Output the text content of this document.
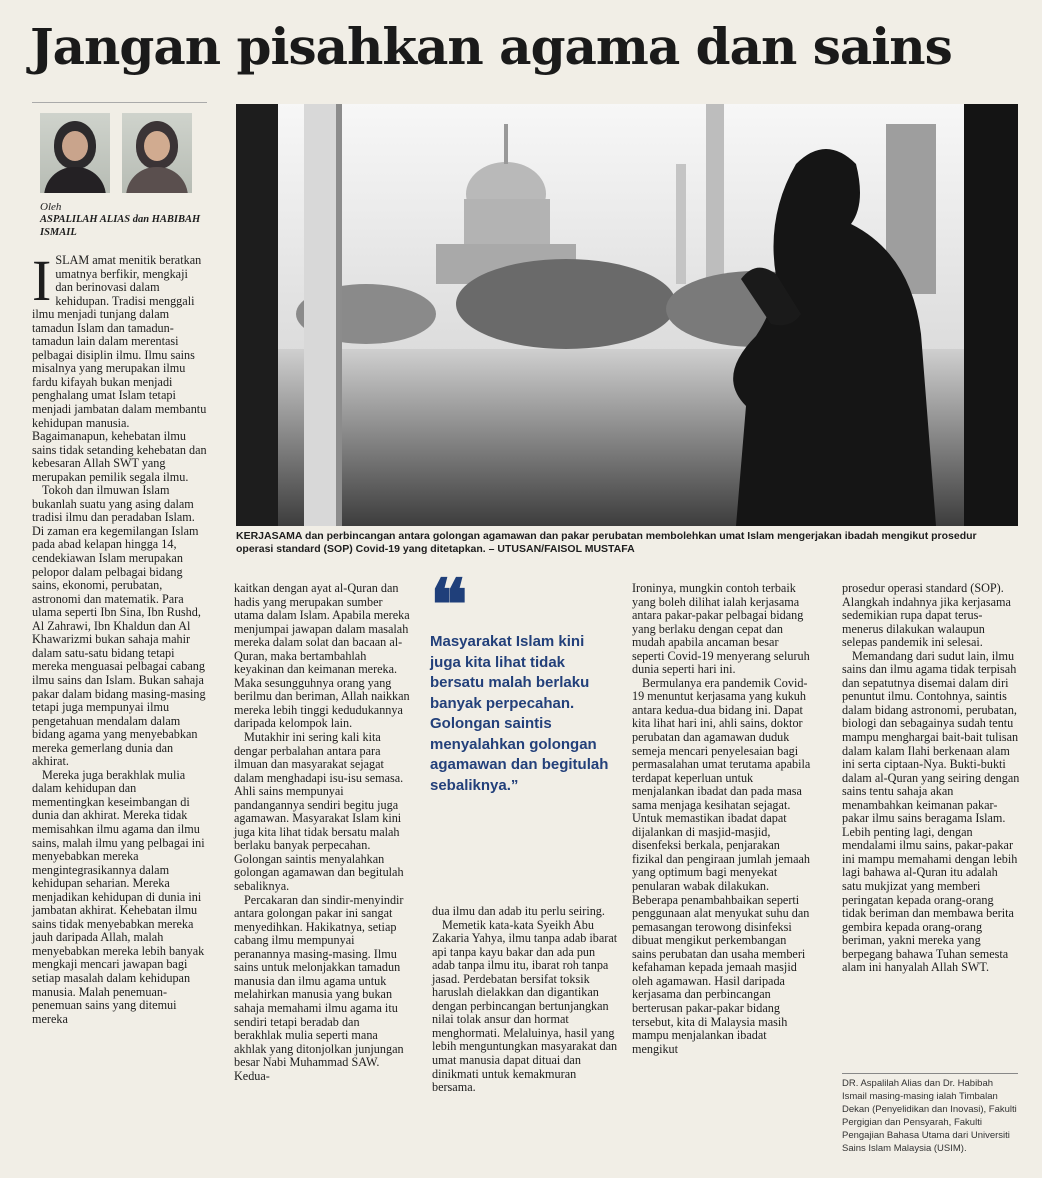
Jangan pisahkan agama dan sains
Oleh
ASPALILAH ALIAS dan HABIBAH ISMAIL
KERJASAMA dan perbincangan antara golongan agamawan dan pakar perubatan membolehkan umat Islam mengerjakan ibadah mengikut prosedur operasi standard (SOP) Covid-19 yang ditetapkan. – UTUSAN/FAISOL MUSTAFA

ISLAM amat menitik beratkan umatnya berfikir, mengkaji dan berinovasi dalam kehidupan. Tradisi menggali ilmu menjadi tunjang dalam tamadun Islam dan tamadun-tamadun lain dalam merentasi pelbagai disiplin ilmu. Ilmu sains misalnya yang merupakan ilmu fardu kifayah bukan menjadi penghalang umat Islam tetapi menjadi jambatan dalam membantu kehidupan manusia. Bagaimanapun, kehebatan ilmu sains tidak setanding kehebatan dan kebesaran Allah SWT yang merupakan pemilik segala ilmu.

Tokoh dan ilmuwan Islam bukanlah suatu yang asing dalam tradisi ilmu dan peradaban Islam. Di zaman era kegemilangan Islam pada abad kelapan hingga 14, cendekiawan Islam merupakan pelopor dalam pelbagai bidang sains, ekonomi, perubatan, astronomi dan matematik. Para ulama seperti Ibn Sina, Ibn Rushd, Al Zahrawi, Ibn Khaldun dan Al Khawarizmi bukan sahaja mahir dalam satu-satu bidang tetapi mereka menguasai pelbagai cabang ilmu sains dan Islam. Bukan sahaja pakar dalam bidang masing-masing tetapi juga mempunyai ilmu pengetahuan mendalam dalam bidang agama yang menyebabkan mereka gemerlang dunia dan akhirat.

Mereka juga berakhlak mulia dalam kehidupan dan mementingkan keseimbangan di dunia dan akhirat. Mereka tidak memisahkan ilmu agama dan ilmu sains, malah ilmu yang pelbagai ini menyebabkan mereka mengintegrasikannya dalam kehidupan seharian. Mereka menjadikan kehidupan di dunia ini jambatan akhirat. Kehebatan ilmu sains tidak menyebabkan mereka jauh daripada Allah, malah menyebabkan mereka lebih banyak mengkaji mencari jawapan bagi setiap masalah dalam kehidupan manusia. Malah penemuan-penemuan sains yang ditemui mereka

kaitkan dengan ayat al-Quran dan hadis yang merupakan sumber utama dalam Islam. Apabila mereka menjumpai jawapan dalam masalah mereka dalam solat dan bacaan al-Quran, maka bertambahlah keyakinan dan keimanan mereka. Maka sesungguhnya orang yang berilmu dan beriman, Allah naikkan mereka lebih tinggi kedudukannya daripada kelompok lain.

Mutakhir ini sering kali kita dengar perbalahan antara para ilmuan dan masyarakat sejagat dalam menghadapi isu-isu semasa. Ahli sains mempunyai pandangannya sendiri begitu juga agamawan. Masyarakat Islam kini juga kita lihat tidak bersatu malah berlaku banyak perpecahan. Golongan saintis menyalahkan golongan agamawan dan begitulah sebaliknya.

Percakaran dan sindir-menyindir antara golongan pakar ini sangat menyedihkan. Hakikatnya, setiap cabang ilmu mempunyai peranannya masing-masing. Ilmu sains untuk melonjakkan tamadun manusia dan ilmu agama untuk melahirkan manusia yang bukan sahaja memahami ilmu agama itu sendiri tetapi beradab dan berakhlak mulia seperti mana akhlak yang ditonjolkan junjungan besar Nabi Muhammad SAW. Kedua-

❝
Masyarakat Islam kini juga kita lihat tidak bersatu malah berlaku banyak perpecahan. Golongan saintis menyalahkan golongan agamawan dan begitulah sebaliknya.”

dua ilmu dan adab itu perlu seiring.

Memetik kata-kata Syeikh Abu Zakaria Yahya, ilmu tanpa adab ibarat api tanpa kayu bakar dan ada pun adab tanpa ilmu itu, ibarat roh tanpa jasad. Perdebatan bersifat toksik haruslah dielakkan dan digantikan dengan perbincangan bertunjangkan nilai tolak ansur dan hormat menghormati. Melaluinya, hasil yang lebih menguntungkan masyarakat dan umat manusia dapat dituai dan dinikmati untuk kemakmuran bersama.

Ironinya, mungkin contoh terbaik yang boleh dilihat ialah kerjasama antara pakar-pakar pelbagai bidang yang berlaku dengan cepat dan mudah apabila ancaman besar seperti Covid-19 menyerang seluruh dunia seperti hari ini.

Bermulanya era pandemik Covid-19 menuntut kerjasama yang kukuh antara kedua-dua bidang ini. Dapat kita lihat hari ini, ahli sains, doktor perubatan dan agamawan duduk semeja mencari penyelesaian bagi permasalahan umat terutama apabila terdapat keperluan untuk menjalankan ibadat dan pada masa sama menjaga kesihatan sejagat. Untuk memastikan ibadat dapat dijalankan di masjid-masjid, disenfeksi berkala, penjarakan fizikal dan pengiraan jumlah jemaah yang optimum bagi menyekat penularan wabak dilakukan. Beberapa penambahbaikan seperti penggunaan alat menyukat suhu dan pemasangan terowong disinfeksi dibuat mengikut perkembangan sains perubatan dan usaha memberi kefahaman kepada jemaah masjid oleh agamawan. Hasil daripada kerjasama dan perbincangan berterusan pakar-pakar bidang tersebut, kita di Malaysia masih mampu menjalankan ibadat mengikut

prosedur operasi standard (SOP). Alangkah indahnya jika kerjasama sedemikian rupa dapat terus-menerus dilakukan walaupun selepas pandemik ini selesai.

Memandang dari sudut lain, ilmu sains dan ilmu agama tidak terpisah dan sepatutnya disemai dalam diri penuntut ilmu. Contohnya, saintis dalam bidang astronomi, perubatan, biologi dan sebagainya sudah tentu mampu menghargai bait-bait tulisan dalam kalam Ilahi berkenaan alam ini serta ciptaan-Nya. Bukti-bukti dalam al-Quran yang seiring dengan sains tentu sahaja akan menambahkan keimanan pakar-pakar ilmu sains beragama Islam. Lebih penting lagi, dengan mendalami ilmu sains, pakar-pakar ini mampu memahami dengan lebih lagi bahawa al-Quran itu adalah satu mukjizat yang memberi peringatan kepada orang-orang tidak beriman dan membawa berita gembira kepada orang-orang beriman, yakni mereka yang berpegang bahawa Tuhan semesta alam ini hanyalah Allah SWT.

DR. Aspalilah Alias dan Dr. Habibah Ismail masing-masing ialah Timbalan Dekan (Penyelidikan dan Inovasi), Fakulti Pergigian dan Pensyarah, Fakulti Pengajian Bahasa Utama dari Universiti Sains Islam Malaysia (USIM).
